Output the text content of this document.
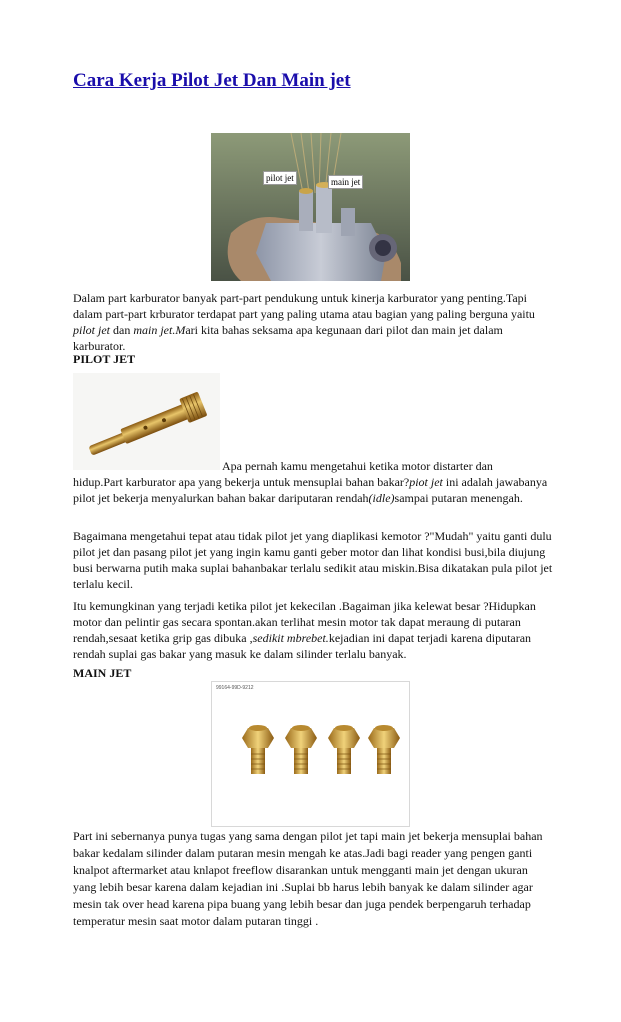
Cara Kerja Pilot Jet Dan Main jet
pilot jet	main jet

Dalam part karburator banyak part-part pendukung untuk kinerja karburator yang penting.Tapi dalam part-part krburator terdapat part yang paling utama atau bagian yang paling berguna yaitu pilot jet dan main jet.Mari kita bahas seksama apa kegunaan dari pilot dan main jet dalam karburator.

PILOT JET

Apa pernah kamu mengetahui ketika motor distarter dan

hidup.Part karburator apa yang bekerja untuk mensuplai bahan bakar?piot jet ini adalah jawabanya pilot jet bekerja menyalurkan bahan bakar dariputaran rendah(idle)sampai putaran menengah.

Bagaimana mengetahui tepat atau tidak pilot jet yang diaplikasi kemotor ?"Mudah" yaitu ganti dulu pilot jet dan pasang pilot jet yang ingin kamu ganti geber motor dan lihat kondisi busi,bila diujung busi berwarna putih maka suplai bahanbakar terlalu sedikit atau miskin.Bisa dikatakan pula pilot jet terlalu kecil.

Itu kemungkinan yang terjadi ketika pilot jet kekecilan .Bagaiman jika kelewat besar ?Hidupkan motor dan pelintir gas secara spontan.akan terlihat mesin motor tak dapat meraung di putaran rendah,sesaat ketika grip gas dibuka ,sedikit mbrebet.kejadian ini dapat terjadi karena diputaran rendah suplai gas bakar yang masuk ke dalam silinder terlalu banyak.

MAIN JET
99164-99D-9212

Part ini sebernanya punya tugas yang sama dengan pilot jet tapi main jet bekerja mensuplai bahan bakar kedalam silinder dalam putaran mesin mengah ke atas.Jadi bagi reader yang pengen ganti knalpot aftermarket atau knlapot freeflow disarankan untuk mengganti main jet dengan ukuran yang lebih besar karena dalam kejadian ini .Suplai bb harus lebih banyak ke dalam silinder agar mesin tak over head karena pipa buang yang lebih besar dan juga pendek berpengaruh terhadap temperatur mesin saat motor dalam putaran tinggi .
